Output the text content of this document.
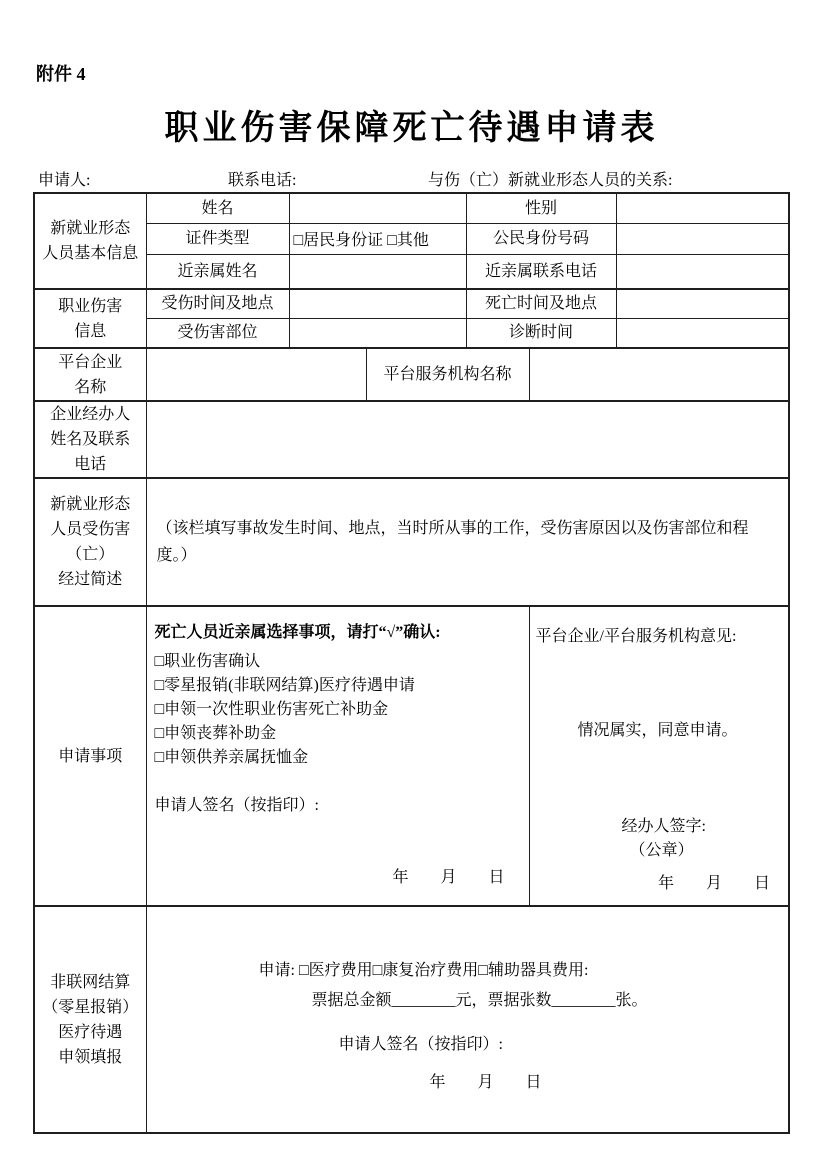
附件 4
职业伤害保障死亡待遇申请表
申请人:	联系电话:	与伤（亡）新就业形态人员的关系:
新就业形态
人员基本信息	姓名			性别		
	证件类型	□居民身份证 □其他		公民身份号码		
	近亲属姓名			近亲属联系电话		

职业伤害
信息	受伤时间及地点			死亡时间及地点		
	受伤害部位			诊断时间		

平台企业
名称			平台服务机构名称			

企业经办人
姓名及联系
电话						

新就业形态
人员受伤害
（亡）
经过简述	（该栏填写事故发生时间、地点，当时所从事的工作，受伤害原因以及伤害部位和程度。）					
申请事项	
死亡人员近亲属选择事项，请打“√”确认:
□职业伤害确认
□零星报销(非联网结算)医疗待遇申请
□申领一次性职业伤害死亡补助金
□申领丧葬补助金
□申领供养亲属抚恤金
申请人签名（按指印）:
年　　月　　日

平台企业/平台服务机构意见:
情况属实，同意申请。
经办人签字:
（公章）
年　　月　　日

非联网结算
（零星报销）
医疗待遇
申领填报

申请: □医疗费用□康复治疗费用□辅助器具费用:
票据总金额________元，票据张数________张。
申请人签名（按指印）:
年　　月　　日
